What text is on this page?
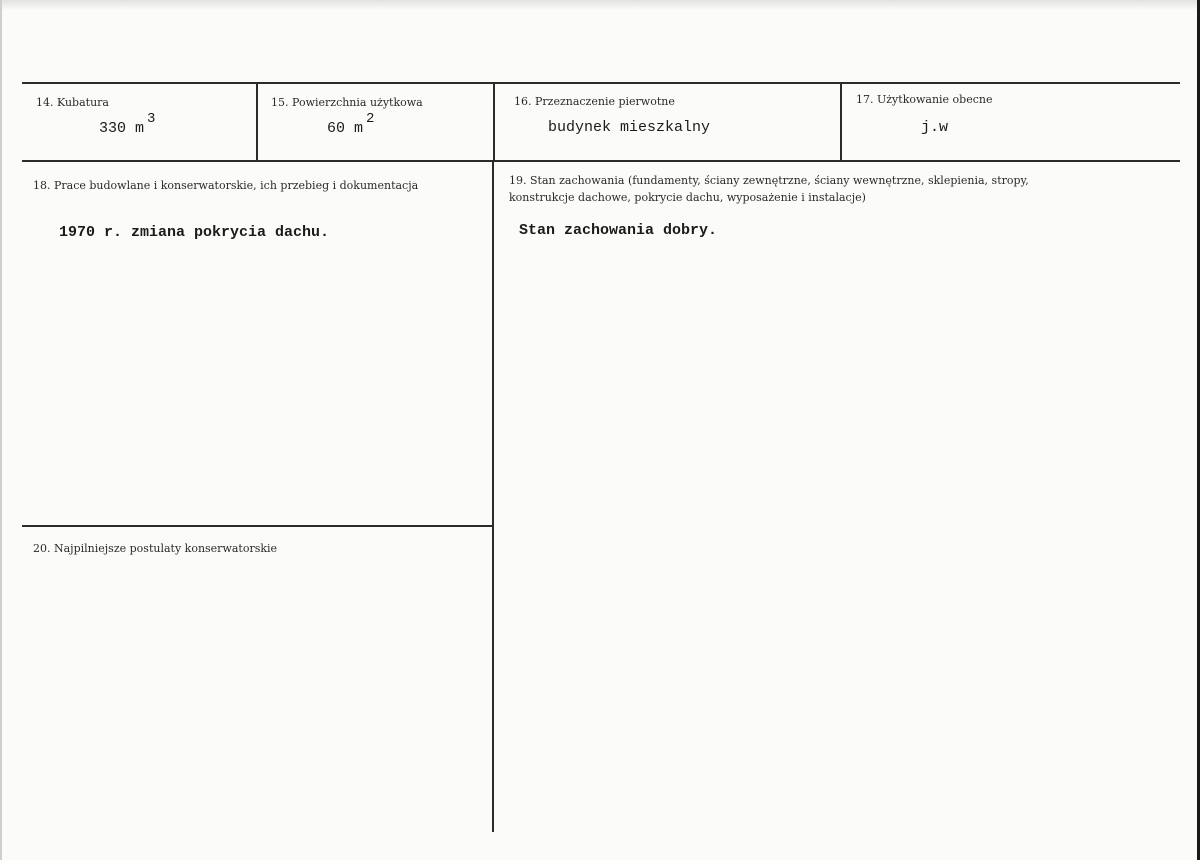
14. Kubatura
330 m
3
15. Powierzchnia użytkowa
60 m
2
16. Przeznaczenie pierwotne
budynek mieszkalny
17. Użytkowanie obecne
j.w
18. Prace budowlane i konserwatorskie, ich przebieg i dokumentacja
1970 r. zmiana pokrycia dachu.
19. Stan zachowania (fundamenty, ściany zewnętrzne, ściany wewnętrzne, sklepienia, stropy, konstrukcje dachowe, pokrycie dachu, wyposażenie i instalacje)
Stan zachowania dobry.
20. Najpilniejsze postulaty konserwatorskie
